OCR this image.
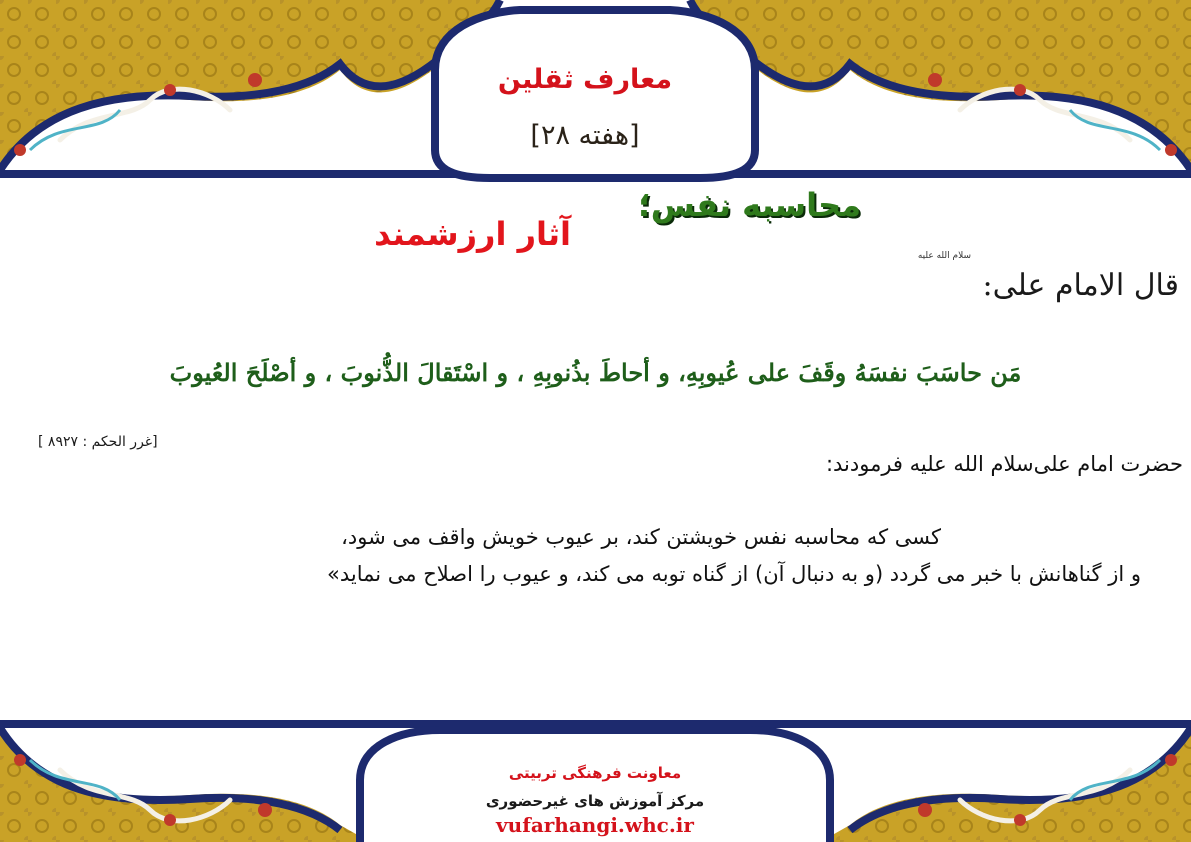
معارف ثقلین
[هفته ۲۸]
محاسبه نفس؛
آثار ارزشمند
سلام الله علیه
قال الامام علی:
مَن حاسَبَ نفسَهُ وقَفَ علی عُیوبِهِ، و أحاطَ بذُنوبِهِ ، و اسْتَقالَ الذُّنوبَ ، و أصْلَحَ العُیوبَ
[غرر الحکم : ۸۹۲۷ ]
حضرت امام علی‌سلام الله علیه فرمودند:
کسی که محاسبه نفس خویشتن کند، بر عیوب خویش واقف می شود،
و از گناهانش با خبر می گردد (و به دنبال آن) از گناه توبه می کند، و عیوب را اصلاح می نماید»
معاونت فرهنگی تربیتی
مرکز آموزش های غیرحضوری
vufarhangi.whc.ir
